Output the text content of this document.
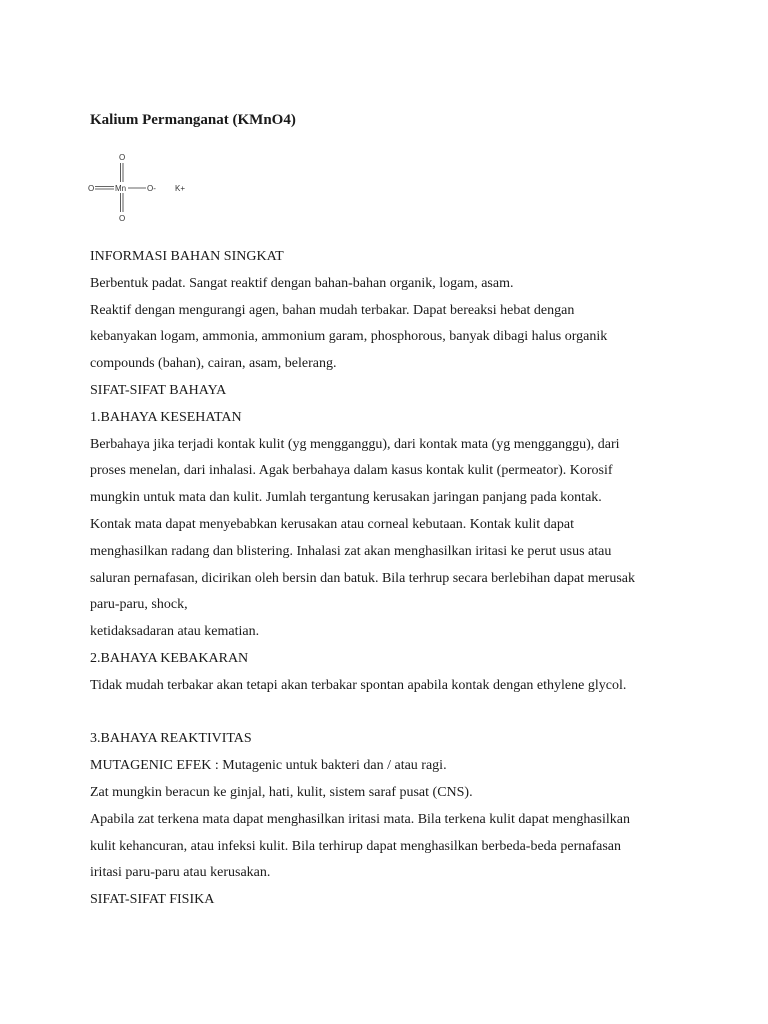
Kalium Permanganat (KMnO4)
O
O	Mn	O- K+
O
INFORMASI BAHAN SINGKAT
Berbentuk padat. Sangat reaktif dengan bahan-bahan organik, logam, asam.
Reaktif dengan mengurangi agen, bahan mudah terbakar. Dapat bereaksi hebat dengan
kebanyakan logam, ammonia, ammonium garam, phosphorous, banyak dibagi halus organik
compounds (bahan), cairan, asam, belerang.
SIFAT-SIFAT BAHAYA
1.BAHAYA KESEHATAN
Berbahaya jika terjadi kontak kulit (yg mengganggu), dari kontak mata (yg mengganggu), dari
proses menelan, dari inhalasi. Agak berbahaya dalam kasus kontak kulit (permeator). Korosif
mungkin untuk mata dan kulit. Jumlah tergantung kerusakan jaringan panjang pada kontak.
Kontak mata dapat menyebabkan kerusakan atau corneal kebutaan. Kontak kulit dapat
menghasilkan radang dan blistering. Inhalasi zat akan menghasilkan iritasi ke perut usus atau
saluran pernafasan, dicirikan oleh bersin dan batuk. Bila terhrup secara berlebihan dapat merusak
paru-paru, shock,
ketidaksadaran atau kematian.
2.BAHAYA KEBAKARAN
Tidak mudah terbakar akan tetapi akan terbakar spontan apabila kontak dengan ethylene glycol.
3.BAHAYA REAKTIVITAS
MUTAGENIC EFEK : Mutagenic untuk bakteri dan / atau ragi.
Zat mungkin beracun ke ginjal, hati, kulit, sistem saraf pusat (CNS).
Apabila zat terkena mata dapat menghasilkan iritasi mata. Bila terkena kulit dapat menghasilkan
kulit kehancuran, atau infeksi kulit. Bila terhirup dapat menghasilkan berbeda-beda pernafasan
iritasi paru-paru atau kerusakan.
SIFAT-SIFAT FISIKA
